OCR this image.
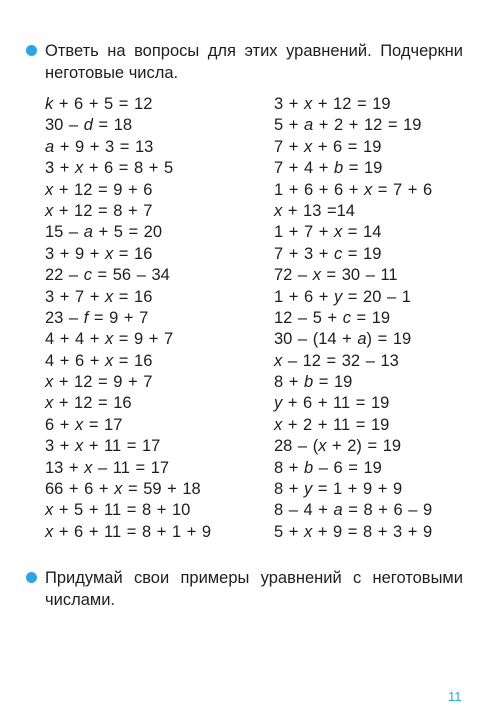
Ответь на вопросы для этих уравнений. Подчеркни неготовые числа.
k + 6 + 5 = 12
30 – d = 18
a + 9 + 3 = 13
3 + x + 6 = 8 + 5
x + 12 = 9 + 6
x + 12 = 8 + 7
15 – a + 5 = 20
3 + 9 + x = 16
22 – c = 56 – 34
3 + 7 + x = 16
23 – f = 9 + 7
4 + 4 + x = 9 + 7
4 + 6 + x = 16
x + 12 = 9 + 7
x + 12 = 16
6 + x = 17
3 + x + 11 = 17
13 + x – 11 = 17
66 + 6 + x = 59 + 18
x + 5 + 11 = 8 + 10
x + 6 + 11 = 8 + 1 + 9
3 + x + 12 = 19
5 + a + 2 + 12 = 19
7 + x + 6 = 19
7 + 4 + b = 19
1 + 6 + 6 + x = 7 + 6
x + 13 =14
1 + 7 + x = 14
7 + 3 + c = 19
72 – x = 30 – 11
1 + 6 + y = 20 – 1
12 – 5 + c = 19
30 – (14 + a) = 19
x – 12 = 32 – 13
8 + b = 19
y + 6 + 11 = 19
x + 2 + 11 = 19
28 – (x + 2) = 19
8 + b – 6 = 19
8 + y = 1 + 9 + 9
8 – 4 + a = 8 + 6 – 9
5 + x + 9 = 8 + 3 + 9
Придумай свои примеры уравнений с неготовыми числами.
11
